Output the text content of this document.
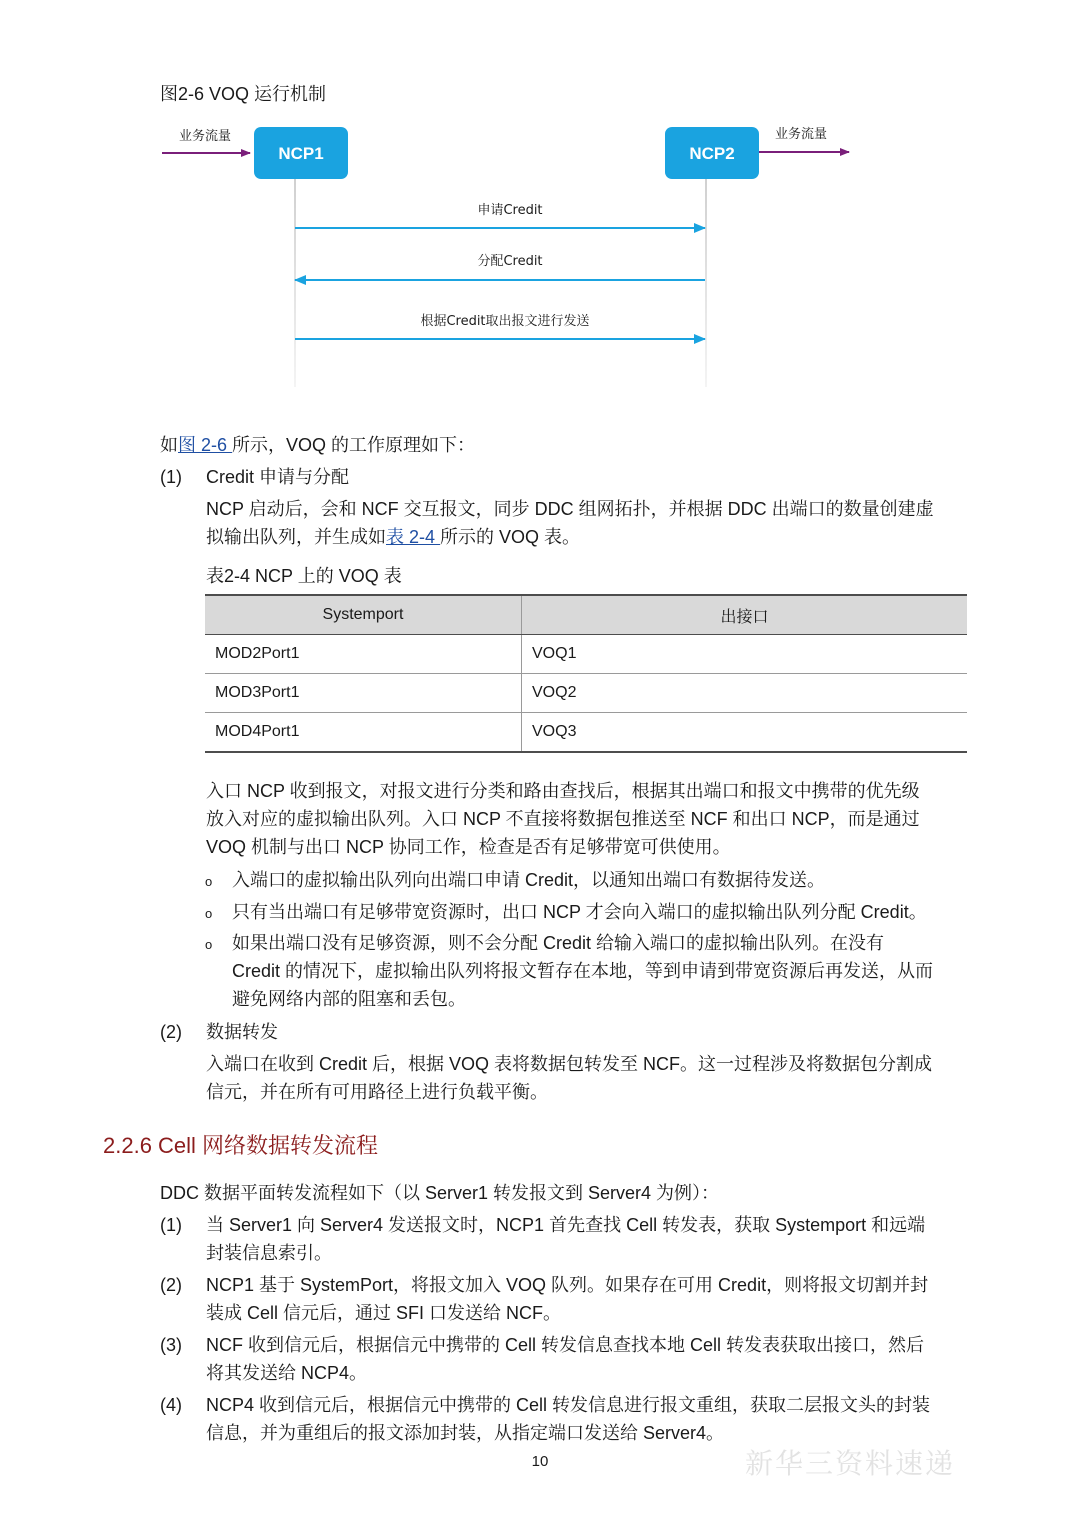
图2-6 VOQ 运行机制
业务流量
NCP1	NCP2
业务流量
申请Credit
分配Credit
根据Credit取出报文进行发送
如图 2-6 所示，VOQ 的工作原理如下：
(1) Credit 申请与分配
NCP 启动后，会和 NCF 交互报文，同步 DDC 组网拓扑，并根据 DDC 出端口的数量创建虚
拟输出队列，并生成如表 2-4 所示的 VOQ 表。
表2-4 NCP 上的 VOQ 表
Systemport	出接口
MOD2Port1	VOQ1
MOD3Port1	VOQ2
MOD4Port1	VOQ3
入口 NCP 收到报文，对报文进行分类和路由查找后，根据其出端口和报文中携带的优先级
放入对应的虚拟输出队列。入口 NCP 不直接将数据包推送至 NCF 和出口 NCP，而是通过
VOQ 机制与出口 NCP 协同工作，检查是否有足够带宽可供使用。
o 入端口的虚拟输出队列向出端口申请 Credit，以通知出端口有数据待发送。
o 只有当出端口有足够带宽资源时，出口 NCP 才会向入端口的虚拟输出队列分配 Credit。
o 如果出端口没有足够资源，则不会分配 Credit 给输入端口的虚拟输出队列。在没有
Credit 的情况下，虚拟输出队列将报文暂存在本地，等到申请到带宽资源后再发送，从而
避免网络内部的阻塞和丢包。
(2) 数据转发
入端口在收到 Credit 后，根据 VOQ 表将数据包转发至 NCF。这一过程涉及将数据包分割成
信元，并在所有可用路径上进行负载平衡。
2.2.6 Cell 网络数据转发流程
DDC 数据平面转发流程如下（以 Server1 转发报文到 Server4 为例）：
(1) 当 Server1 向 Server4 发送报文时，NCP1 首先查找 Cell 转发表，获取 Systemport 和远端
封装信息索引。
(2) NCP1 基于 SystemPort，将报文加入 VOQ 队列。如果存在可用 Credit，则将报文切割并封
装成 Cell 信元后，通过 SFI 口发送给 NCF。
(3) NCF 收到信元后，根据信元中携带的 Cell 转发信息查找本地 Cell 转发表获取出接口，然后
将其发送给 NCP4。
(4) NCP4 收到信元后，根据信元中携带的 Cell 转发信息进行报文重组，获取二层报文头的封装
信息，并为重组后的报文添加封装，从指定端口发送给 Server4。
10	新华三资料速递
